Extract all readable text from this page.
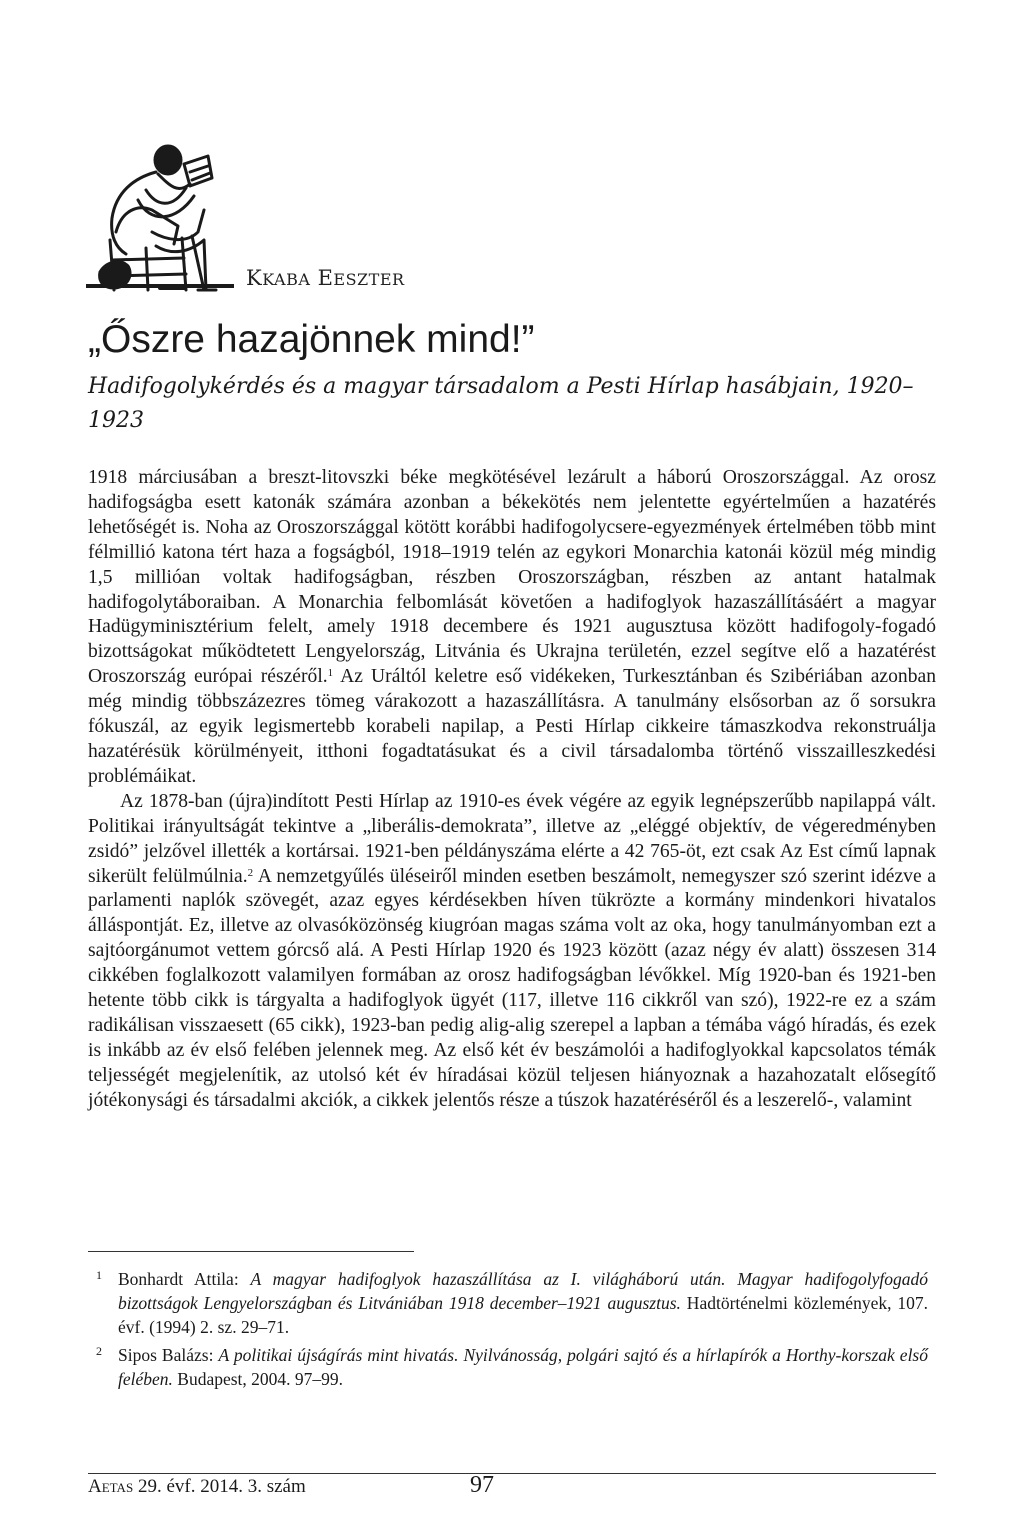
KKABA EESZTER
„Őszre hazajönnek mind!”
Hadifogolykérdés és a magyar társadalom a Pesti Hírlap hasábjain, 1920–1923

1918 márciusában a breszt-litovszki béke megkötésével lezárult a háború Oroszországgal. Az orosz hadifogságba esett katonák számára azonban a békekötés nem jelentette egyértelműen a hazatérés lehetőségét is. Noha az Oroszországgal kötött korábbi hadifogolycsere-egyezmények értelmében több mint félmillió katona tért haza a fogságból, 1918–1919 telén az egykori Monarchia katonái közül még mindig 1,5 millióan voltak hadifogságban, részben Oroszországban, részben az antant hatalmak hadifogolytáboraiban. A Monarchia felbomlását követően a hadifoglyok hazaszállításáért a magyar Hadügyminisztérium felelt, amely 1918 decembere és 1921 augusztusa között hadifogoly-fogadó bizottságokat működtetett Lengyelország, Litvánia és Ukrajna területén, ezzel segítve elő a hazatérést Oroszország európai részéről.$^1$ Az Uráltól keletre eső vidékeken, Turkesztánban és Szibériában azonban még mindig többszázezres tömeg várakozott a hazaszállításra. A tanulmány elsősorban az ő sorsukra fókuszál, az egyik legismertebb korabeli napilap, a Pesti Hírlap cikkeire támaszkodva rekonstruálja hazatérésük körülményeit, itthoni fogadtatásukat és a civil társadalomba történő visszailleszkedési problémáikat.

Az 1878-ban (újra)indított Pesti Hírlap az 1910-es évek végére az egyik legnépszerűbb napilappá vált. Politikai irányultságát tekintve a „liberális-demokrata”, illetve az „eléggé objektív, de végeredményben zsidó” jelzővel illették a kortársai. 1921-ben példányszáma elérte a 42 765-öt, ezt csak Az Est című lapnak sikerült felülmúlnia.$^2$ A nemzetgyűlés üléseiről minden esetben beszámolt, nemegyszer szó szerint idézve a parlamenti naplók szövegét, azaz egyes kérdésekben híven tükrözte a kormány mindenkori hivatalos álláspontját. Ez, illetve az olvasóközönség kiugróan magas száma volt az oka, hogy tanulmányomban ezt a sajtóorgánumot vettem górcső alá. A Pesti Hírlap 1920 és 1923 között (azaz négy év alatt) összesen 314 cikkében foglalkozott valamilyen formában az orosz hadifogságban lévőkkel. Míg 1920-ban és 1921-ben hetente több cikk is tárgyalta a hadifoglyok ügyét (117, illetve 116 cikkről van szó), 1922-re ez a szám radikálisan visszaesett (65 cikk), 1923-ban pedig alig-alig szerepel a lapban a témába vágó híradás, és ezek is inkább az év első felében jelennek meg. Az első két év beszámolói a hadifoglyokkal kapcsolatos témák teljességét megjelenítik, az utolsó két év híradásai közül teljesen hiányoznak a hazahozatalt elősegítő jótékonysági és társadalmi akciók, a cikkek jelentős része a túszok hazatéréséről és a leszerelő-, valamint

1 Bonhardt Attila: A magyar hadifoglyok hazaszállítása az I. világháború után. Magyar hadifogolyfogadó bizottságok Lengyelországban és Litvániában 1918 december–1921 augusztus. Hadtörténelmi közlemények, 107. évf. (1994) 2. sz. 29–71.
2 Sipos Balázs: A politikai újságírás mint hivatás. Nyilvánosság, polgári sajtó és a hírlapírók a Horthy-korszak első felében. Budapest, 2004. 97–99.
Aetas 29. évf. 2014. 3. szám	97
